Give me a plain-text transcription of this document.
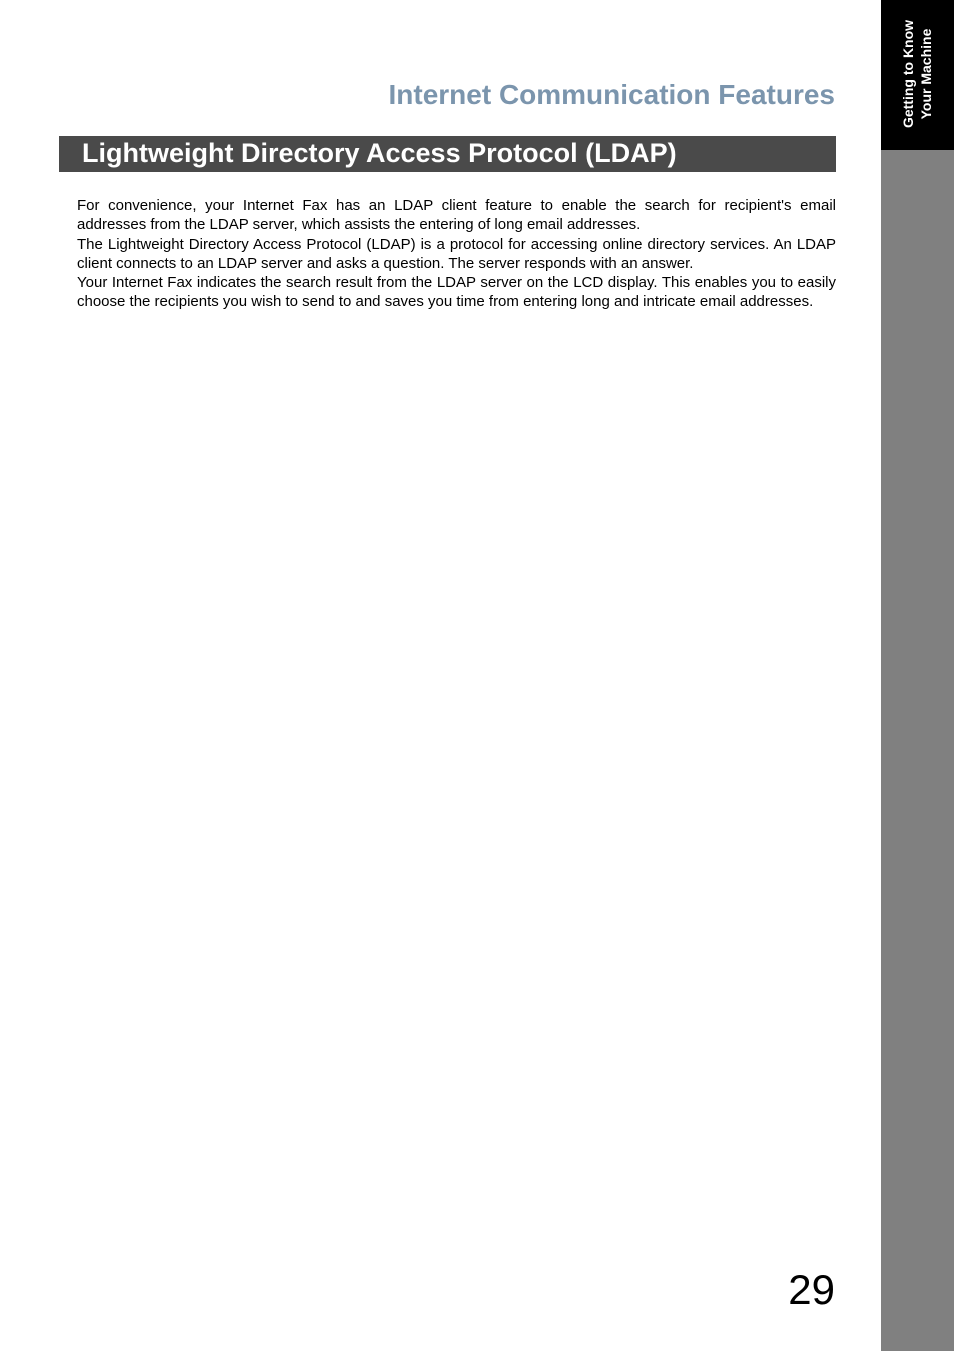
Getting to Know Your Machine
Internet Communication Features
Lightweight Directory Access Protocol (LDAP)

For convenience, your Internet Fax has an LDAP client feature to enable the search for recipient's email addresses from the LDAP server, which assists the entering of long email addresses.

The Lightweight Directory Access Protocol (LDAP) is a protocol for accessing online directory services. An LDAP client connects to an LDAP server and asks a question. The server responds with an answer.

Your Internet Fax indicates the search result from the LDAP server on the LCD display. This enables you to easily choose the recipients you wish to send to and saves you time from entering long and intricate email addresses.

29
